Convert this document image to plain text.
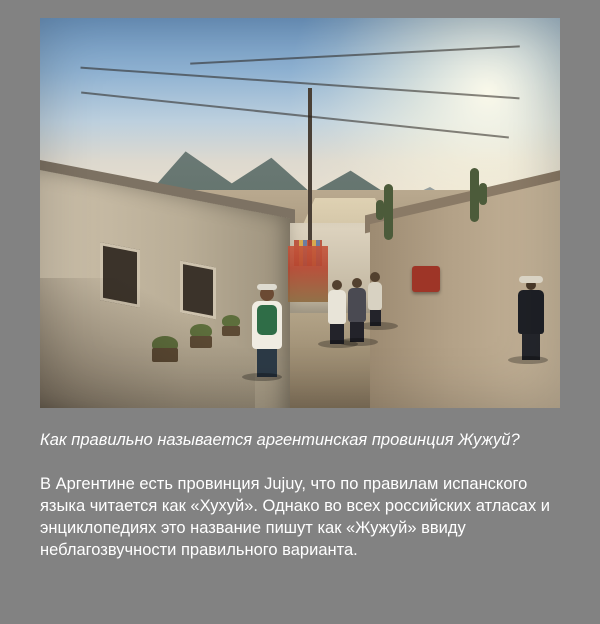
Как правильно называется аргентинская провинция Жужуй?
В Аргентине есть провинция Jujuy, что по правилам испанского языка читается как «Хухуй». Однако во всех российских атласах и энциклопедиях это название пишут как «Жужуй» ввиду неблагозвучности правильного варианта.
